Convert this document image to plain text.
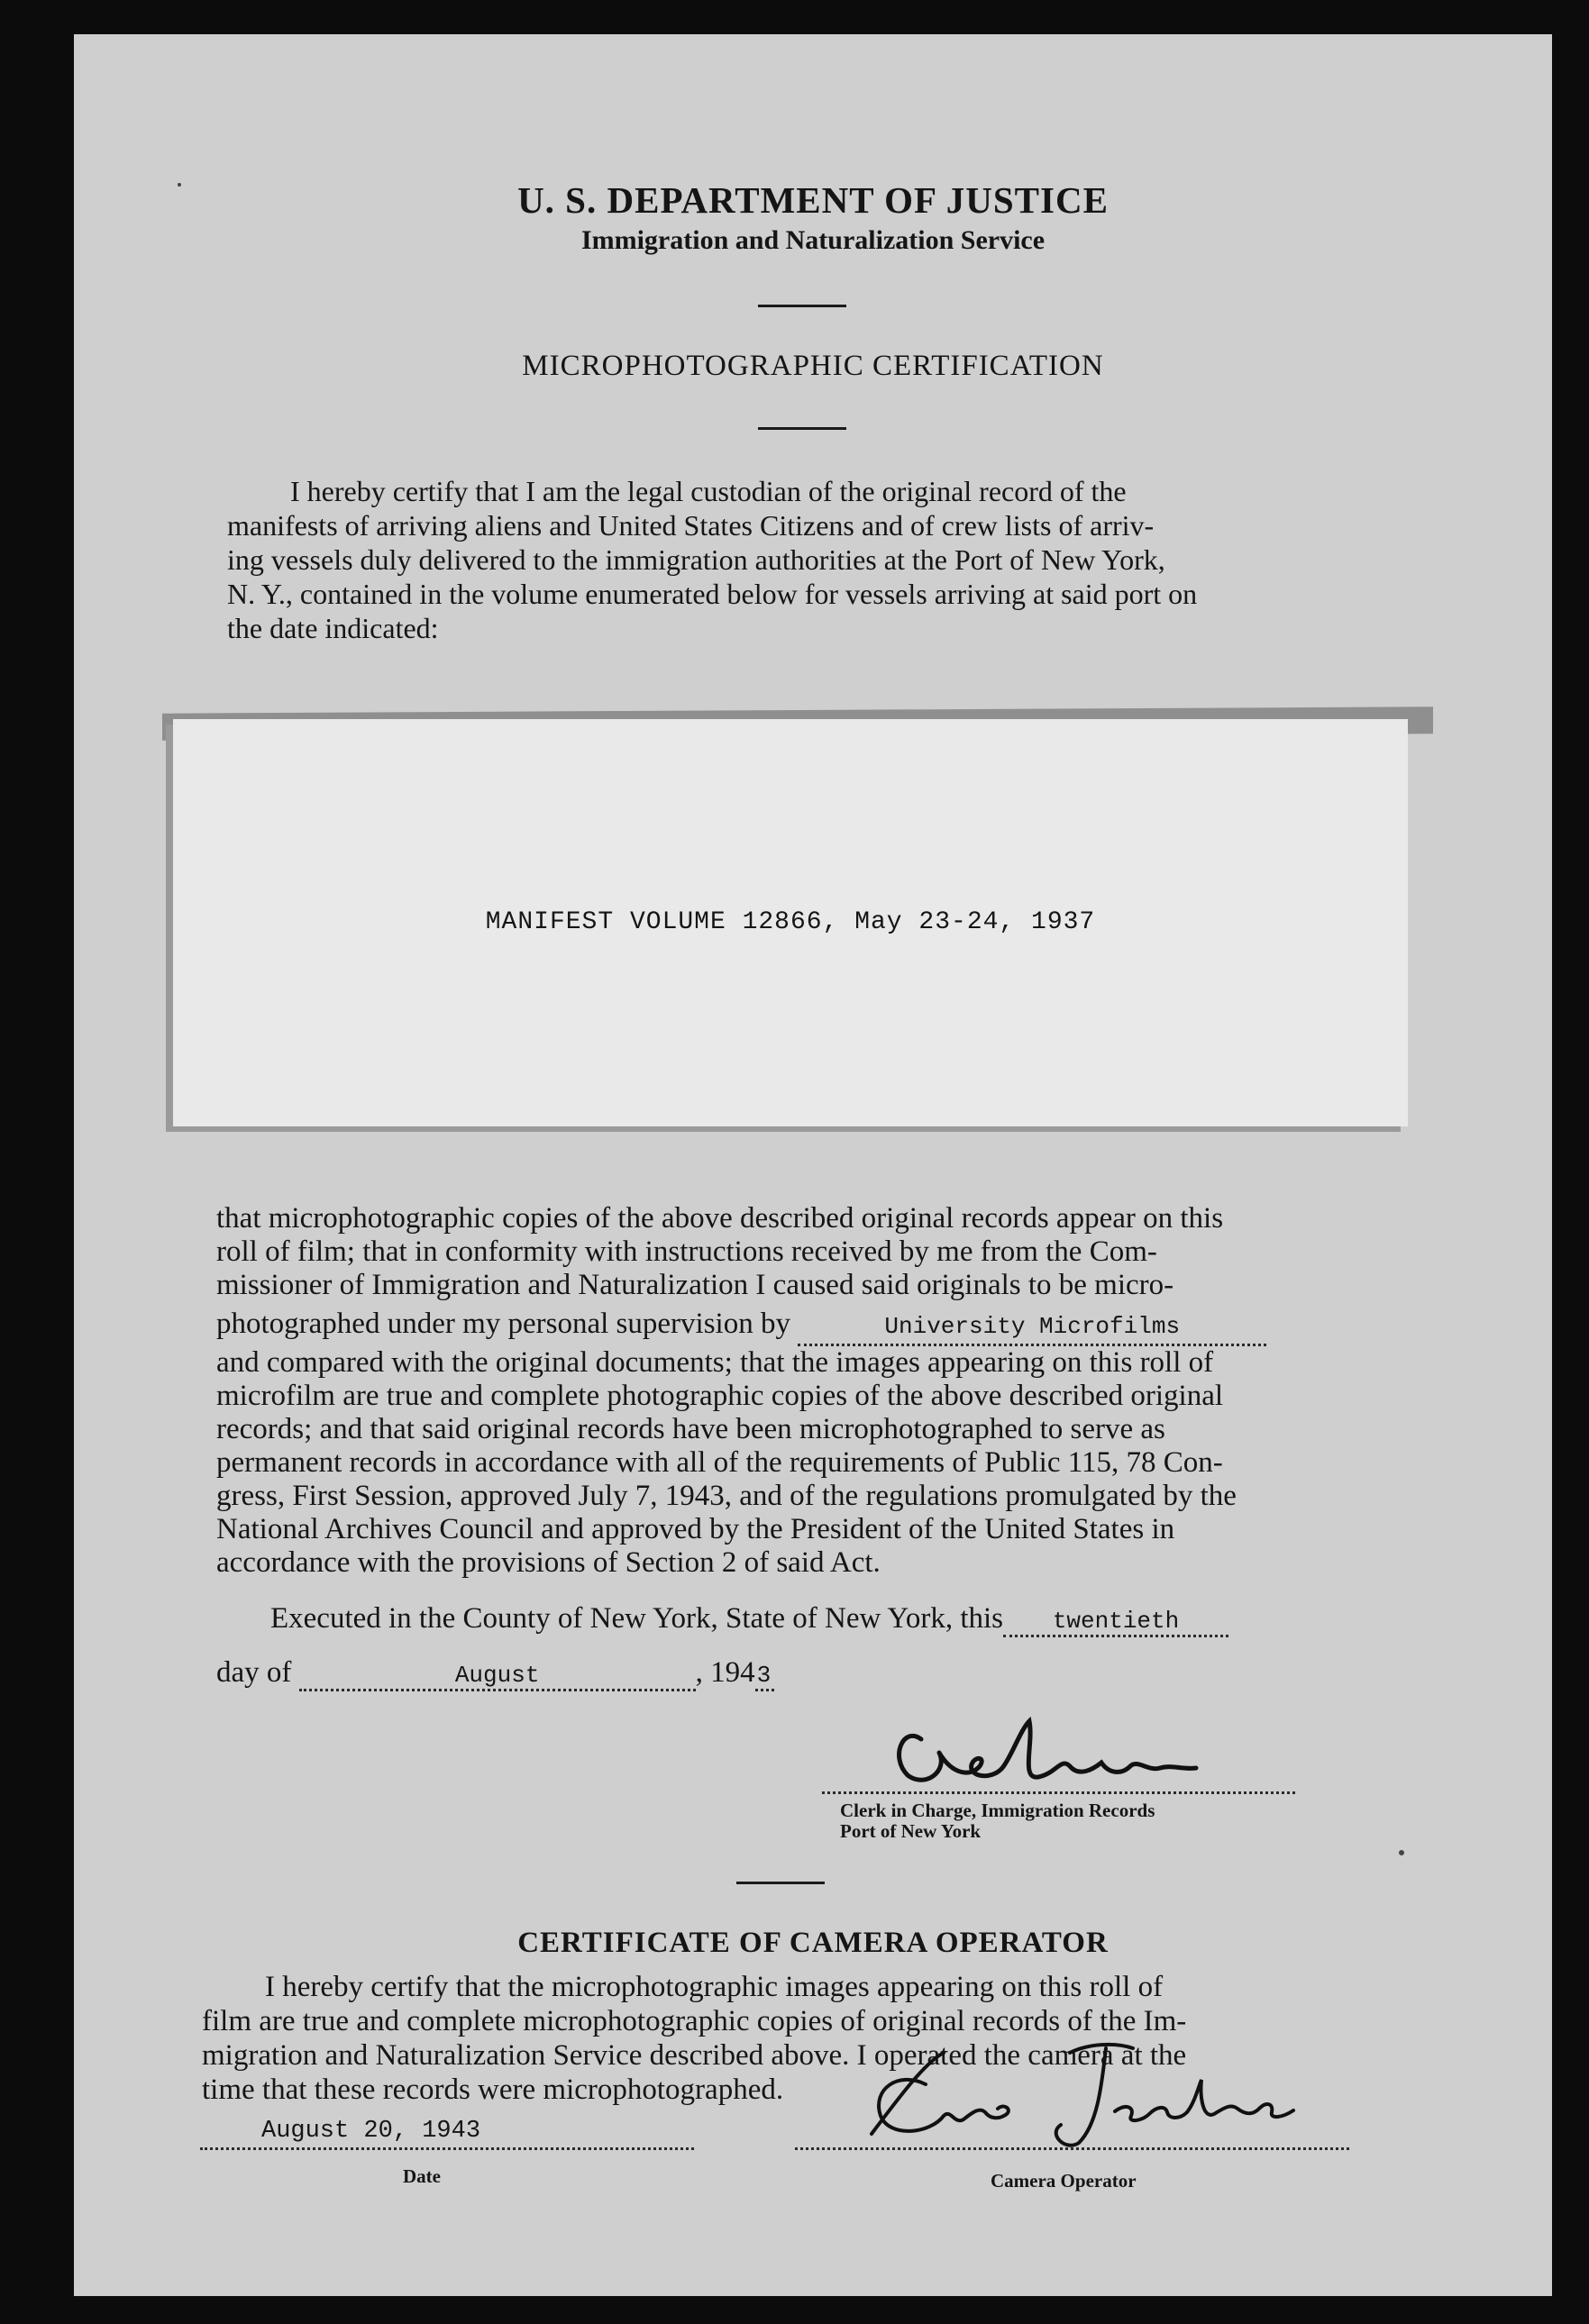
U. S. DEPARTMENT OF JUSTICE
Immigration and Naturalization Service
MICROPHOTOGRAPHIC CERTIFICATION
I hereby certify that I am the legal custodian of the original record of the
manifests of arriving aliens and United States Citizens and of crew lists of arriv-
ing vessels duly delivered to the immigration authorities at the Port of New York,
N. Y., contained in the volume enumerated below for vessels arriving at said port on
the date indicated:
MANIFEST VOLUME 12866, May 23-24, 1937
that microphotographic copies of the above described original records appear on this
roll of film; that in conformity with instructions received by me from the Com-
missioner of Immigration and Naturalization I caused said originals to be micro-
photographed under my personal supervision by	University Microfilms
and compared with the original documents; that the images appearing on this roll of
microfilm are true and complete photographic copies of the above described original
records; and that said original records have been microphotographed to serve as
permanent records in accordance with all of the requirements of Public 115, 78 Con-
gress, First Session, approved July 7, 1943, and of the regulations promulgated by the
National Archives Council and approved by the President of the United States in
accordance with the provisions of Section 2 of said Act.
Executed in the County of New York, State of New York, this twentieth
day of	August	, 1943
Clerk in Charge, Immigration Records
Port of New York
CERTIFICATE OF CAMERA OPERATOR
I hereby certify that the microphotographic images appearing on this roll of
film are true and complete microphotographic copies of original records of the Im-
migration and Naturalization Service described above. I operated the camera at the
time that these records were microphotographed.
August 20, 1943
Date	Camera Operator
